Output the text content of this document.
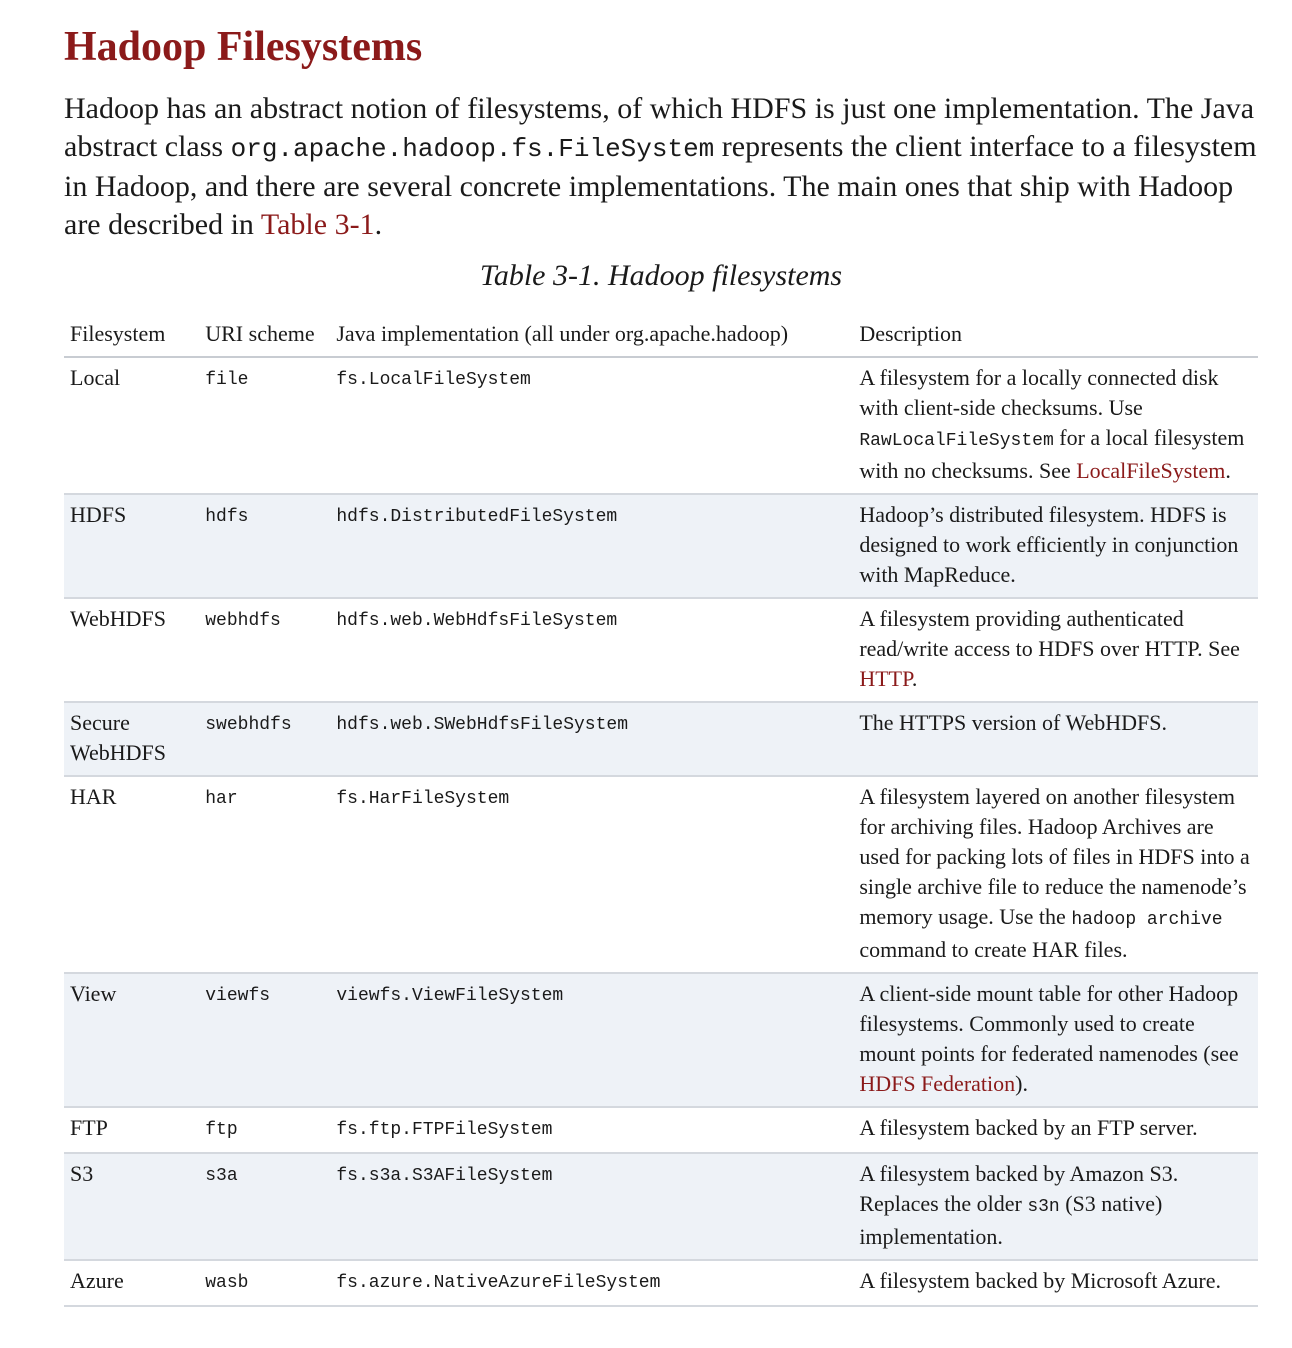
Hadoop Filesystems

Hadoop has an abstract notion of filesystems, of which HDFS is just one implementation. The Java abstract class org.apache.hadoop.fs.FileSystem represents the client interface to a filesystem in Hadoop, and there are several concrete implementations. The main ones that ship with Hadoop are described in Table 3-1.

Table 3-1. Hadoop filesystems

Filesystem	URI scheme	Java implementation (all under org.apache.hadoop)	Description
Local	file	fs.LocalFileSystem	A filesystem for a locally connected disk with client-side checksums. Use RawLocalFileSystem for a local filesystem with no checksums. See LocalFileSystem.
HDFS	hdfs	hdfs.DistributedFileSystem	Hadoop’s distributed filesystem. HDFS is designed to work efficiently in conjunction with MapReduce.
WebHDFS	webhdfs	hdfs.web.WebHdfsFileSystem	A filesystem providing authenticated read/write access to HDFS over HTTP. See HTTP.
Secure WebHDFS	swebhdfs	hdfs.web.SWebHdfsFileSystem	The HTTPS version of WebHDFS.
HAR	har	fs.HarFileSystem	A filesystem layered on another filesystem for archiving files. Hadoop Archives are used for packing lots of files in HDFS into a single archive file to reduce the namenode’s memory usage. Use the hadoop archive command to create HAR files.
View	viewfs	viewfs.ViewFileSystem	A client-side mount table for other Hadoop filesystems. Commonly used to create mount points for federated namenodes (see HDFS Federation).
FTP	ftp	fs.ftp.FTPFileSystem	A filesystem backed by an FTP server.
S3	s3a	fs.s3a.S3AFileSystem	A filesystem backed by Amazon S3. Replaces the older s3n (S3 native) implementation.
Azure	wasb	fs.azure.NativeAzureFileSystem	A filesystem backed by Microsoft Azure.
